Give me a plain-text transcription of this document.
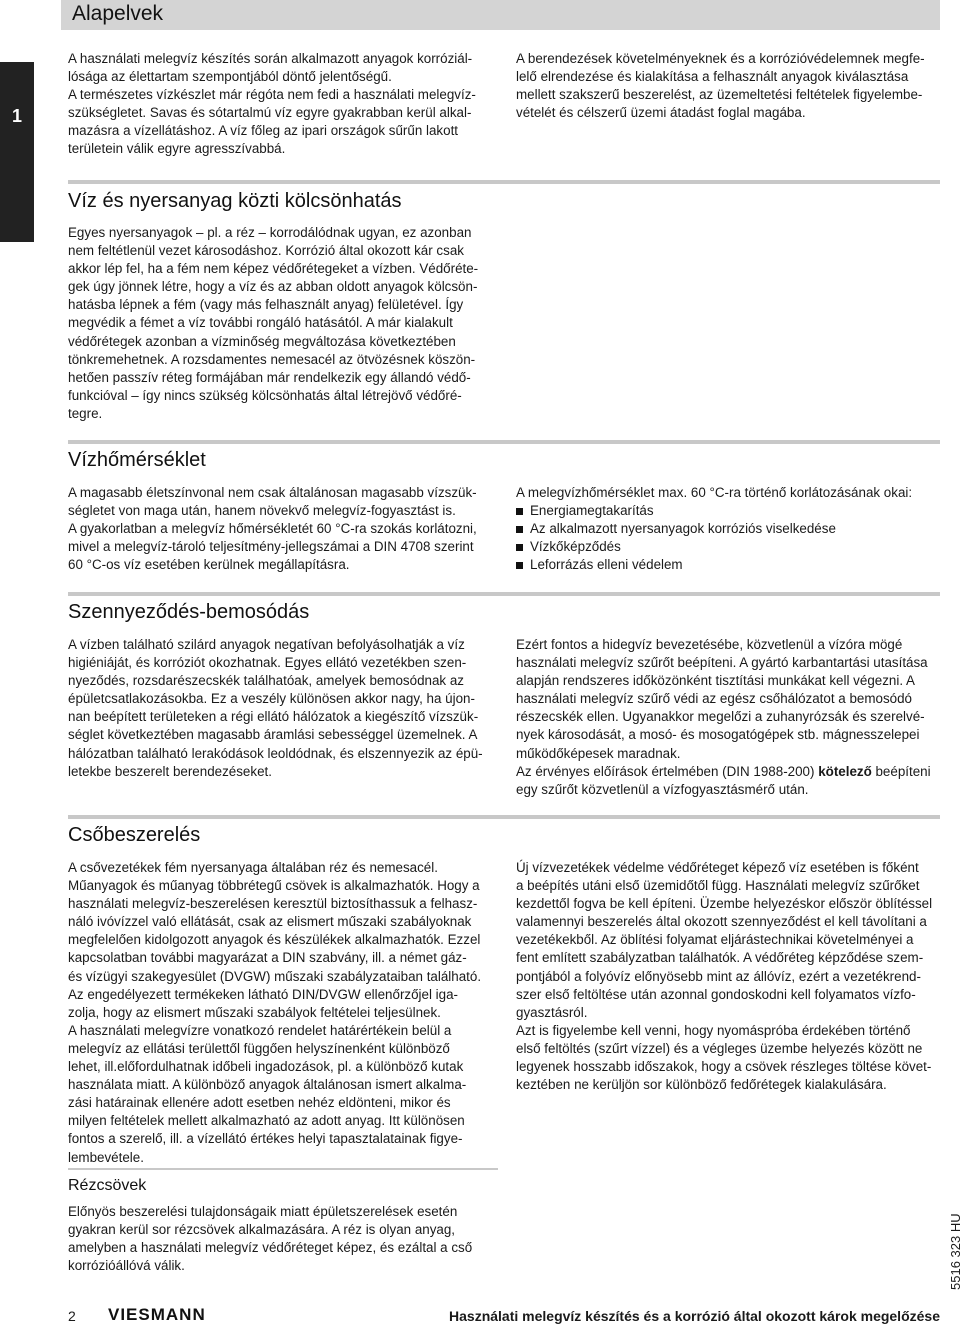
Alapelvek
1

A használati melegvíz készítés során alkalmazott anyagok korróziál-
lósága az élettartam szempontjából döntő jelentőségű.
A természetes vízkészlet már régóta nem fedi a használati melegvíz-
szükségletet. Savas és sótartalmú víz egyre gyakrabban kerül alkal-
mazásra a vízellátáshoz. A víz főleg az ipari országok sűrűn lakott
területein válik egyre agresszívabbá.

A berendezések követelményeknek és a korrózióvédelemnek megfe-
lelő elrendezése és kialakítása a felhasznált anyagok kiválasztása
mellett szakszerű beszerelést, az üzemeltetési feltételek figyelembe-
vételét és célszerű üzemi átadást foglal magába.

Víz és nyersanyag közti kölcsönhatás

Egyes nyersanyagok – pl. a réz – korrodálódnak ugyan, ez azonban
nem feltétlenül vezet károsodáshoz. Korrózió által okozott kár csak
akkor lép fel, ha a fém nem képez védőrétegeket a vízben. Védőréte-
gek úgy jönnek létre, hogy a víz és az abban oldott anyagok kölcsön-
hatásba lépnek a fém (vagy más felhasznált anyag) felületével. Így
megvédik a fémet a víz további rongáló hatásától. A már kialakult
védőrétegek azonban a vízminőség megváltozása következtében
tönkremehetnek. A rozsdamentes nemesacél az ötvözésnek köszön-
hetően passzív réteg formájában már rendelkezik egy állandó védő-
funkcióval – így nincs szükség kölcsönhatás által létrejövő védőré-
tegre.

Vízhőmérséklet

A magasabb életszínvonal nem csak általánosan magasabb vízszük-
ségletet von maga után, hanem növekvő melegvíz-fogyasztást is.
A gyakorlatban a melegvíz hőmérsékletét 60 °C-ra szokás korlátozni,
mivel a melegvíz-tároló teljesítmény-jellegszámai a DIN 4708 szerint
60 °C-os víz esetében kerülnek megállapításra.

A melegvízhőmérséklet max. 60 °C-ra történő korlátozásának okai:

Energiamegtakarítás
Az alkalmazott nyersanyagok korróziós viselkedése
Vízkőképződés
Leforrázás elleni védelem
Szennyeződés-bemosódás

A vízben található szilárd anyagok negatívan befolyásolhatják a víz
higiéniáját, és korróziót okozhatnak. Egyes ellátó vezetékben szen-
nyeződés, rozsdarészecskék találhatóak, amelyek bemosódnak az
épületcsatlakozásokba. Ez a veszély különösen akkor nagy, ha újon-
nan beépített területeken a régi ellátó hálózatok a kiegészítő vízszük-
séglet következtében magasabb áramlási sebességgel üzemelnek. A
hálózatban található lerakódások leoldódnak, és elszennyezik az épü-
letekbe beszerelt berendezéseket.

Ezért fontos a hidegvíz bevezetésébe, közvetlenül a vízóra mögé
használati melegvíz szűrőt beépíteni. A gyártó karbantartási utasítása
alapján rendszeres időközönként tisztítási munkákat kell végezni. A
használati melegvíz szűrő védi az egész csőhálózatot a bemosódó
részecskék ellen. Ugyanakkor megelőzi a zuhanyrózsák és szerelvé-
nyek károsodását, a mosó- és mosogatógépek stb. mágnesszelepei
működőképesek maradnak.
Az érvényes előírások értelmében (DIN 1988-200) kötelező beépíteni
egy szűrőt közvetlenül a vízfogyasztásmérő után.

Csőbeszerelés

A csővezetékek fém nyersanyaga általában réz és nemesacél.
Műanyagok és műanyag többrétegű csövek is alkalmazhatók. Hogy a
használati melegvíz-beszerelésen keresztül biztosíthassuk a felhasz-
náló ivóvízzel való ellátását, csak az elismert műszaki szabályoknak
megfelelően kidolgozott anyagok és készülékek alkalmazhatók. Ezzel
kapcsolatban további magyarázat a DIN szabvány, ill. a német gáz-
és vízügyi szakegyesület (DVGW) műszaki szabályzataiban található.
Az engedélyezett termékeken látható DIN/DVGW ellenőrzőjel iga-
zolja, hogy az elismert műszaki szabályok feltételei teljesülnek.
A használati melegvízre vonatkozó rendelet határértékein belül a
melegvíz az ellátási területtől függően helyszínenként különböző
lehet, ill.előfordulhatnak időbeli ingadozások, pl. a különböző kutak
használata miatt. A különböző anyagok általánosan ismert alkalma-
zási határainak ellenére adott esetben nehéz eldönteni, mikor és
milyen feltételek mellett alkalmazható az adott anyag. Itt különösen
fontos a szerelő, ill. a vízellátó értékes helyi tapasztalatainak figye-
lembevétele.

Új vízvezetékek védelme védőréteget képező víz esetében is főként
a beépítés utáni első üzemidőtől függ. Használati melegvíz szűrőket
kezdettől fogva be kell építeni. Üzembe helyezéskor először öblítéssel
valamennyi beszerelés által okozott szennyeződést el kell távolítani a
vezetékekből. Az öblítési folyamat eljárástechnikai követelményei a
fent említett szabályzatban találhatók. A védőréteg képződése szem-
pontjából a folyóvíz előnyösebb mint az állóvíz, ezért a vezetékrend-
szer első feltöltése után azonnal gondoskodni kell folyamatos vízfo-
gyasztásról.
Azt is figyelembe kell venni, hogy nyomáspróba érdekében történő
első feltöltés (szűrt vízzel) és a végleges üzembe helyezés között ne
legyenek hosszabb időszakok, hogy a csövek részleges töltése követ-
keztében ne kerüljön sor különböző fedőrétegek kialakulására.

Rézcsövek

Előnyös beszerelési tulajdonságaik miatt épületszerelések esetén
gyakran kerül sor rézcsövek alkalmazására. A réz is olyan anyag,
amelyben a használati melegvíz védőréteget képez, és ezáltal a cső
korrózióállóvá válik.

2 VIESMANN	Használati melegvíz készítés és a korrózió által okozott károk megelőzése
5516 323 HU
